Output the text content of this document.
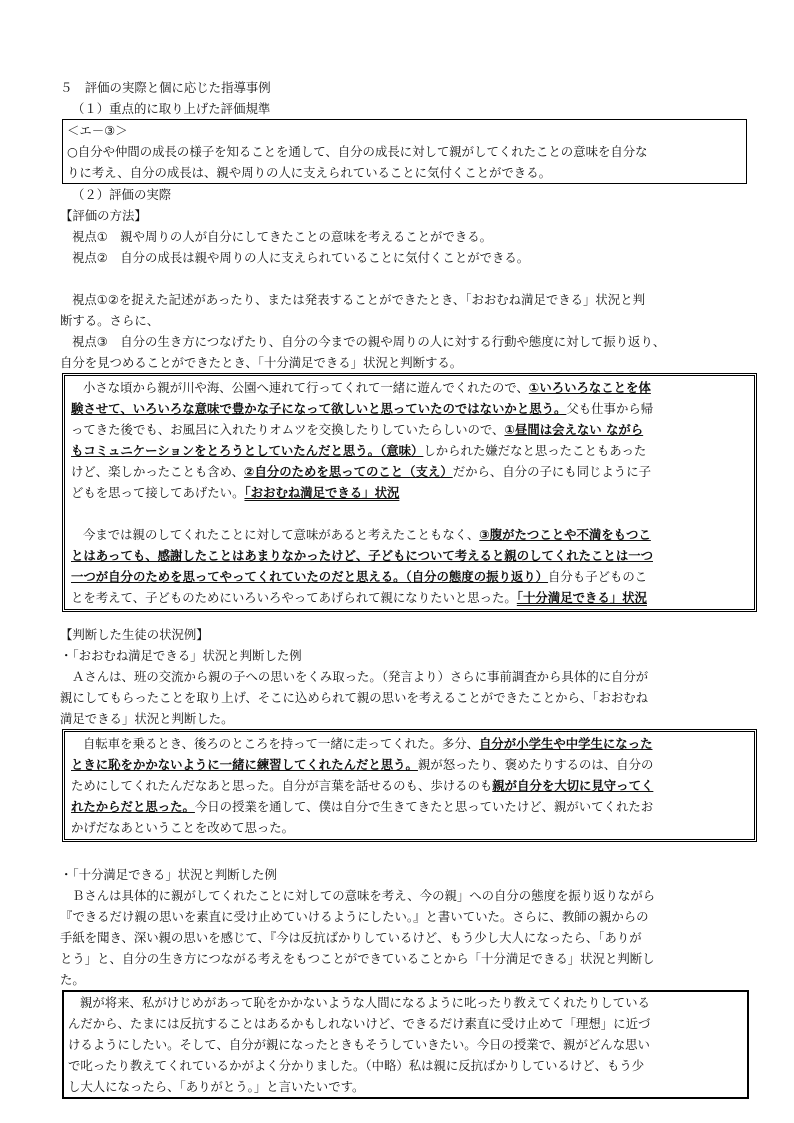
５　評価の実際と個に応じた指導事例
（１）重点的に取り上げた評価規準
＜エ－③＞
○自分や仲間の成長の様子を知ることを通して、自分の成長に対して親がしてくれたことの意味を自分な
りに考え、自分の成長は、親や周りの人に支えられていることに気付くことができる。
（２）評価の実際
【評価の方法】
視点①　親や周りの人が自分にしてきたことの意味を考えることができる。
視点②　自分の成長は親や周りの人に支えられていることに気付くことができる。
視点①②を捉えた記述があったり、または発表することができたとき、「おおむね満足できる」状況と判
断する。さらに、
視点③　自分の生き方につなげたり、自分の今までの親や周りの人に対する行動や態度に対して振り返り、
自分を見つめることができたとき、「十分満足できる」状況と判断する。
小さな頃から親が川や海、公園へ連れて行ってくれて一緒に遊んでくれたので、①いろいろなことを体
験させて、いろいろな意味で豊かな子になって欲しいと思っていたのではないかと思う。父も仕事から帰
ってきた後でも、お風呂に入れたりオムツを交換したりしていたらしいので、①昼間は会えない ながら
もコミュニケーションをとろうとしていたんだと思う。（意味）しかられた嫌だなと思ったこともあった
けど、楽しかったことも含め、②自分のためを思ってのこと（支え）だから、自分の子にも同じように子
どもを思って接してあげたい。「おおむね満足できる」状況
今までは親のしてくれたことに対して意味があると考えたこともなく、③腹がたつことや不満をもつこ
とはあっても、感謝したことはあまりなかったけど、子どもについて考えると親のしてくれたことは一つ
一つが自分のためを思ってやってくれていたのだと思える。（自分の態度の振り返り）自分も子どものこ
とを考えて、子どものためにいろいろやってあげられて親になりたいと思った。「十分満足できる」状況
【判断した生徒の状況例】
・「おおむね満足できる」状況と判断した例
Ａさんは、班の交流から親の子への思いをくみ取った。（発言より）さらに事前調査から具体的に自分が
親にしてもらったことを取り上げ、そこに込められて親の思いを考えることができたことから、「おおむね
満足できる」状況と判断した。
自転車を乗るとき、後ろのところを持って一緒に走ってくれた。多分、自分が小学生や中学生になった
ときに恥をかかないように一緒に練習してくれたんだと思う。親が怒ったり、褒めたりするのは、自分の
ためにしてくれたんだなあと思った。自分が言葉を話せるのも、歩けるのも親が自分を大切に見守ってく
れたからだと思った。今日の授業を通して、僕は自分で生きてきたと思っていたけど、親がいてくれたお
かげだなあということを改めて思った。
・「十分満足できる」状況と判断した例
Ｂさんは具体的に親がしてくれたことに対しての意味を考え、今の親」への自分の態度を振り返りながら
『できるだけ親の思いを素直に受け止めていけるようにしたい。』と書いていた。さらに、教師の親からの
手紙を聞き、深い親の思いを感じて、『今は反抗ばかりしているけど、もう少し大人になったら、「ありが
とう」と、自分の生き方につながる考えをもつことができていることから「十分満足できる」状況と判断し
た。
親が将来、私がけじめがあって恥をかかないような人間になるように叱ったり教えてくれたりしている
んだから、たまには反抗することはあるかもしれないけど、できるだけ素直に受け止めて「理想」に近づ
けるようにしたい。そして、自分が親になったときもそうしていきたい。今日の授業で、親がどんな思い
で叱ったり教えてくれているかがよく分かりました。（中略）私は親に反抗ばかりしているけど、もう少
し大人になったら、「ありがとう。」と言いたいです。
